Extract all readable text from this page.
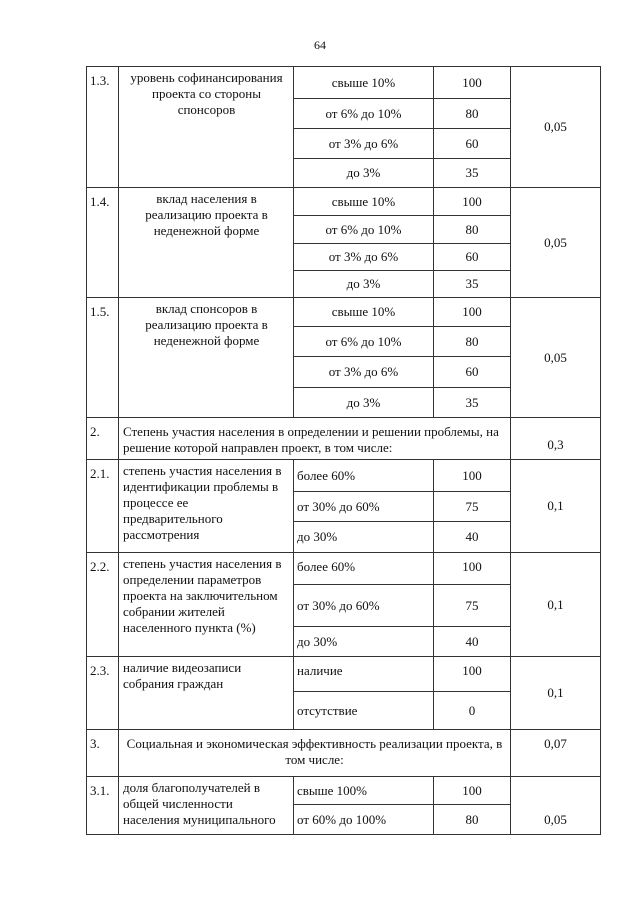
64
1.3.	уровень софинансирования проекта со стороны спонсоров	свыше 10%	100	0,05
		от 6% до 10%	80	
		от 3% до 6%	60	
		до 3%	35	
1.4.	вклад населения в реализацию проекта в неденежной форме	свыше 10%	100	0,05
		от 6% до 10%	80	
		от 3% до 6%	60	
		до 3%	35	
1.5.	вклад спонсоров в реализацию проекта в неденежной форме	свыше 10%	100	0,05
		от 6% до 10%	80	
		от 3% до 6%	60	
		до 3%	35	
2.	Степень участия населения в определении и решении проблемы, на решение которой направлен проект, в том числе:			0,3
2.1.	степень участия населения в идентификации проблемы в процессе ее предварительного рассмотрения	более 60%	100	0,1
		от 30% до 60%	75	
		до 30%	40	
2.2.	степень участия населения в определении параметров проекта на заключительном собрании жителей населенного пункта (%)	более 60%	100	0,1
		от 30% до 60%	75	
		до 30%	40	
2.3.	наличие видеозаписи собрания граждан	наличие	100	0,1
		отсутствие	0	
3.	Социальная и экономическая эффективность реализации проекта, в том числе:			0,07
3.1.	доля благополучателей в общей численности населения муниципального	свыше 100%	100	0,05
		от 60% до 100%	80	
